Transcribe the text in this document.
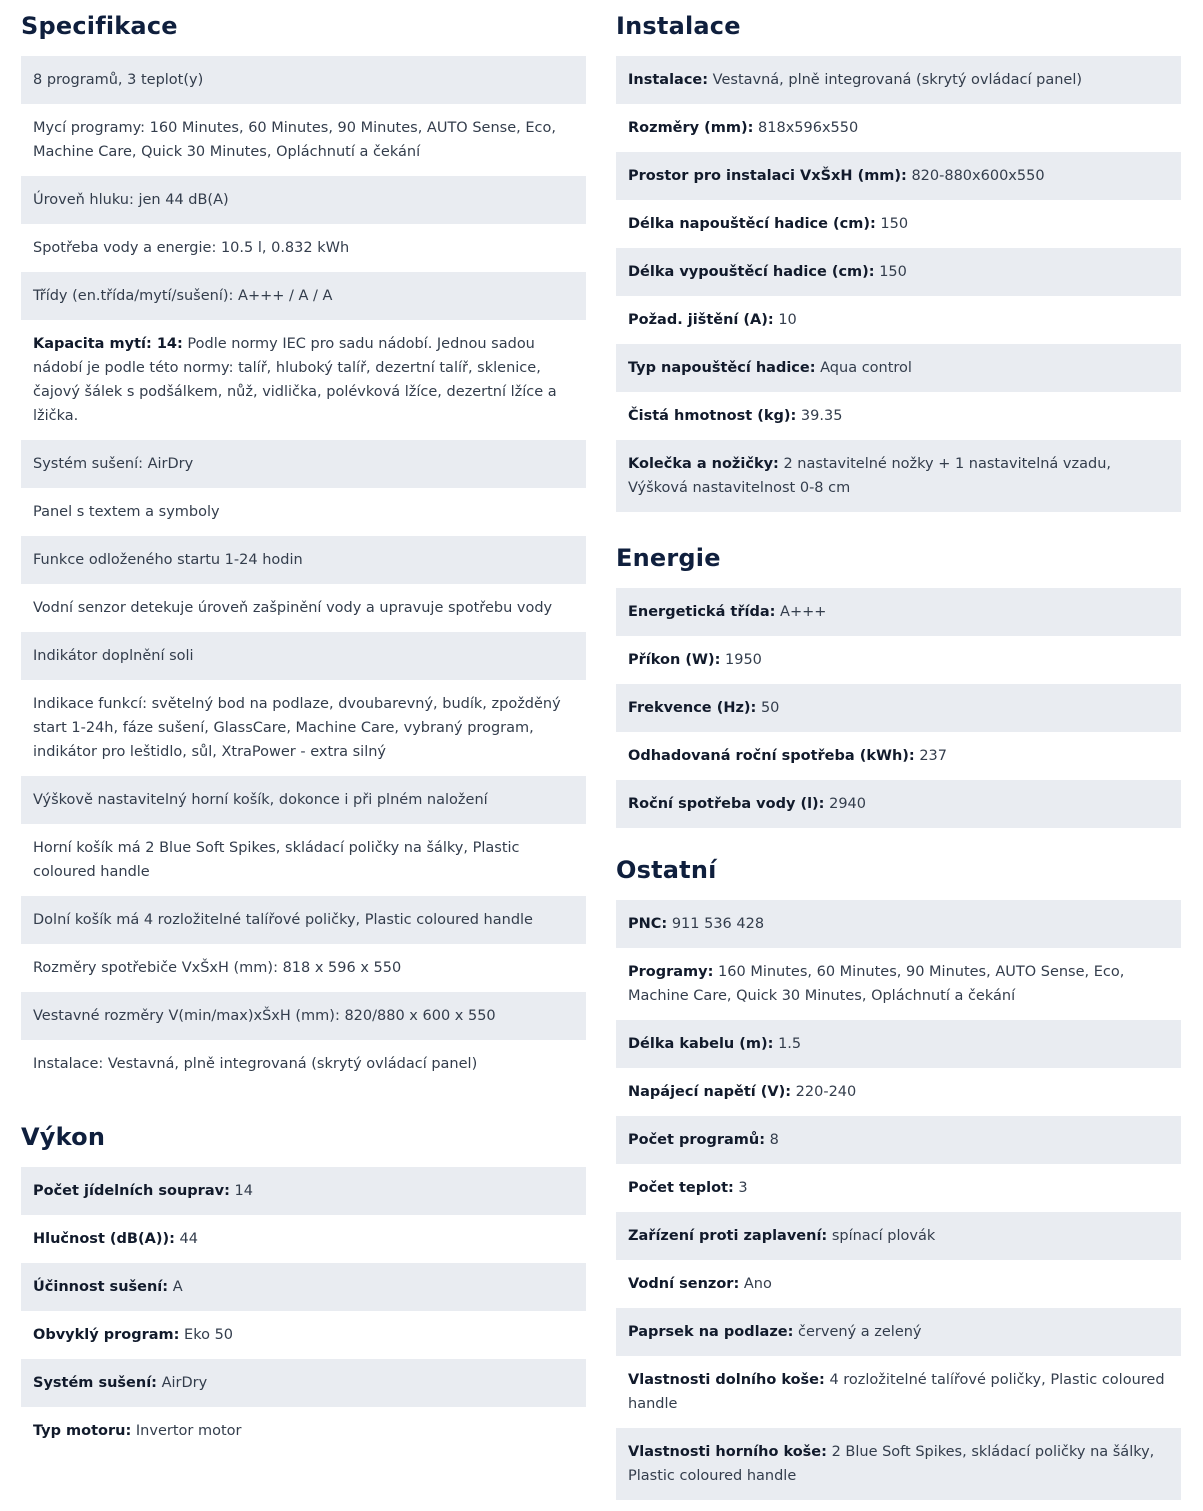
Specifikace
8 programů, 3 teplot(y)
Mycí programy: 160 Minutes, 60 Minutes, 90 Minutes, AUTO Sense, Eco, Machine Care, Quick 30 Minutes, Opláchnutí a čekání
Úroveň hluku: jen 44 dB(A)
Spotřeba vody a energie: 10.5 l, 0.832 kWh
Třídy (en.třída/mytí/sušení): A+++ / A / A
Kapacita mytí: 14: Podle normy IEC pro sadu nádobí. Jednou sadou nádobí je podle této normy: talíř, hluboký talíř, dezertní talíř, sklenice, čajový šálek s podšálkem, nůž, vidlička, polévková lžíce, dezertní lžíce a lžička.
Systém sušení: AirDry
Panel s textem a symboly
Funkce odloženého startu 1-24 hodin
Vodní senzor detekuje úroveň zašpinění vody a upravuje spotřebu vody
Indikátor doplnění soli
Indikace funkcí: světelný bod na podlaze, dvoubarevný, budík, zpožděný start 1-24h, fáze sušení, GlassCare, Machine Care, vybraný program, indikátor pro leštidlo, sůl, XtraPower - extra silný
Výškově nastavitelný horní košík, dokonce i při plném naložení
Horní košík má 2 Blue Soft Spikes, skládací poličky na šálky, Plastic coloured handle
Dolní košík má 4 rozložitelné talířové poličky, Plastic coloured handle
Rozměry spotřebiče VxŠxH (mm): 818 x 596 x 550
Vestavné rozměry V(min/max)xŠxH (mm): 820/880 x 600 x 550
Instalace: Vestavná, plně integrovaná (skrytý ovládací panel)
Výkon
Počet jídelních souprav: 14
Hlučnost (dB(A)): 44
Účinnost sušení: A
Obvyklý program: Eko 50
Systém sušení: AirDry
Typ motoru: Invertor motor
Instalace
Instalace: Vestavná, plně integrovaná (skrytý ovládací panel)
Rozměry (mm): 818x596x550
Prostor pro instalaci VxŠxH (mm): 820-880x600x550
Délka napouštěcí hadice (cm): 150
Délka vypouštěcí hadice (cm): 150
Požad. jištění (A): 10
Typ napouštěcí hadice: Aqua control
Čistá hmotnost (kg): 39.35
Kolečka a nožičky: 2 nastavitelné nožky + 1 nastavitelná vzadu, Výšková nastavitelnost 0-8 cm
Energie
Energetická třída: A+++
Příkon (W): 1950
Frekvence (Hz): 50
Odhadovaná roční spotřeba (kWh): 237
Roční spotřeba vody (l): 2940
Ostatní
PNC: 911 536 428
Programy: 160 Minutes, 60 Minutes, 90 Minutes, AUTO Sense, Eco, Machine Care, Quick 30 Minutes, Opláchnutí a čekání
Délka kabelu (m): 1.5
Napájecí napětí (V): 220-240
Počet programů: 8
Počet teplot: 3
Zařízení proti zaplavení: spínací plovák
Vodní senzor: Ano
Paprsek na podlaze: červený a zelený
Vlastnosti dolního koše: 4 rozložitelné talířové poličky, Plastic coloured handle
Vlastnosti horního koše: 2 Blue Soft Spikes, skládací poličky na šálky, Plastic coloured handle
